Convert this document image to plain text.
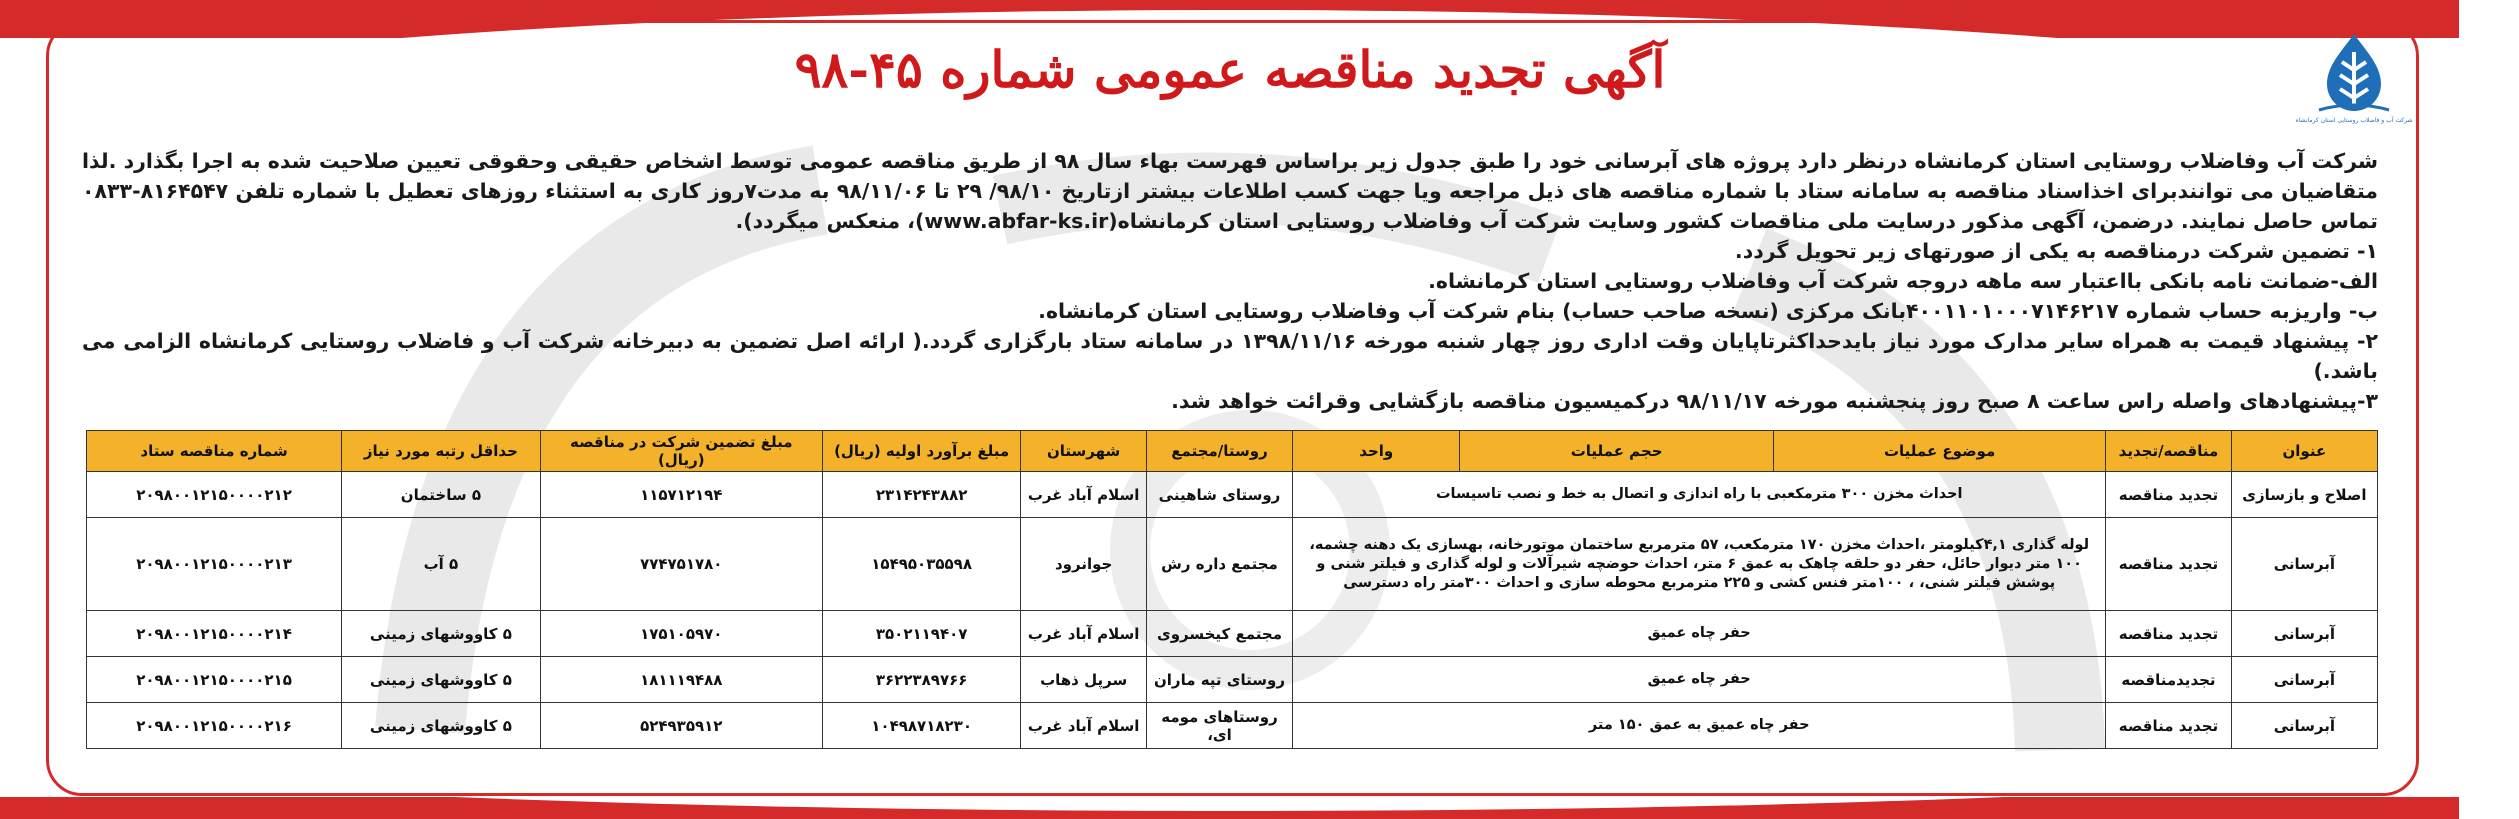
شرکت آب و فاضلاب روستایی استان کرمانشاه
آگهی تجدید مناقصه عمومی شماره ۴۵-۹۸

شرکت آب وفاضلاب روستایی استان کرمانشاه درنظر دارد پروژه های آبرسانی خود را طبق جدول زیر براساس فهرست بهاء سال ۹۸ از طریق مناقصه عمومی توسط اشخاص حقیقی وحقوقی تعیین صلاحیت شده به اجرا بگذارد .لذا متقاضیان می توانندبرای اخذاسناد مناقصه به سامانه ستاد با شماره مناقصه های ذیل مراجعه ویا جهت کسب اطلاعات بیشتر ازتاریخ ۹۸/۱۰/ ۲۹ تا ۹۸/۱۱/۰۶ به مدت۷روز کاری به استثناء روزهای تعطیل با شماره تلفن ۸۱۶۴۵۴۷-۰۸۳۳ تماس حاصل نمایند. درضمن، آگهی مذکور درسایت ملی مناقصات کشور وسایت شرکت آب وفاضلاب روستایی استان کرمانشاه(www.abfar-ks.ir)، منعکس میگردد).

۱- تضمین شرکت درمناقصه به یکی از صورتهای زیر تحویل گردد.

الف-ضمانت نامه بانکی بااعتبار سه ماهه دروجه شرکت آب وفاضلاب روستایی استان کرمانشاه.

ب- واریزبه حساب شماره ۴۰۰۱۱۰۱۰۰۰۷۱۴۶۲۱۷بانک مرکزی (نسخه صاحب حساب) بنام شرکت آب وفاضلاب روستایی استان کرمانشاه.

۲- پیشنهاد قیمت به همراه سایر مدارک مورد نیاز بایدحداکثرتاپایان وقت اداری روز چهار شنبه مورخه ۱۳۹۸/۱۱/۱۶ در سامانه ستاد بارگزاری گردد.( ارائه اصل تضمین به دبیرخانه شرکت آب و فاضلاب روستایی کرمانشاه الزامی می باشد.)

۳-پیشنهادهای واصله راس ساعت ۸ صبح روز پنجشنبه مورخه ۹۸/۱۱/۱۷ درکمیسیون مناقصه بازگشایی وقرائت خواهد شد.

عنوان	مناقصه/تجدید	موضوع عملیات	حجم عملیات	واحد	روستا/مجتمع	شهرستان	مبلغ برآورد اولیه (ریال)	مبلغ تضمین شرکت در مناقصه (ریال)	حداقل رتبه مورد نیاز	شماره مناقصه ستاد
اصلاح و بازسازی	تجدید مناقصه	احداث مخزن ۳۰۰ مترمکعبی با راه اندازی و اتصال به خط و نصب تاسیسات			روستای شاهینی	اسلام آباد غرب	۲۳۱۴۲۴۳۸۸۲	۱۱۵۷۱۲۱۹۴	۵ ساختمان	۲۰۹۸۰۰۱۲۱۵۰۰۰۰۲۱۲
آبرسانی	تجدید مناقصه	لوله گذاری ۴,۱کیلومتر ،احداث مخزن ۱۷۰ مترمکعب، ۵۷ مترمربع ساختمان موتورخانه، بهسازی یک دهنه چشمه، ۱۰۰ متر دیوار حائل، حفر دو حلقه چاهک به عمق ۶ متر، احداث حوضچه شیرآلات و لوله گذاری و فیلتر شنی و پوشش فیلتر شنی، ، ۱۰۰متر فنس کشی و ۲۲۵ مترمربع محوطه سازی و احداث ۳۰۰متر راه دسترسی			مجتمع داره رش	جوانرود	۱۵۴۹۵۰۳۵۵۹۸	۷۷۴۷۵۱۷۸۰	۵ آب	۲۰۹۸۰۰۱۲۱۵۰۰۰۰۲۱۳
آبرسانی	تجدید مناقصه	حفر چاه عمیق			مجتمع کیخسروی	اسلام آباد غرب	۳۵۰۲۱۱۹۴۰۷	۱۷۵۱۰۵۹۷۰	۵ کاووشهای زمینی	۲۰۹۸۰۰۱۲۱۵۰۰۰۰۲۱۴
آبرسانی	تجدیدمناقصه	حفر چاه عمیق			روستای تپه ماران	سرپل ذهاب	۳۶۲۲۳۸۹۷۶۶	۱۸۱۱۱۹۴۸۸	۵ کاووشهای زمینی	۲۰۹۸۰۰۱۲۱۵۰۰۰۰۲۱۵
آبرسانی	تجدید مناقصه	حفر چاه عمیق به عمق ۱۵۰ متر			روستاهای مومه ای،	اسلام آباد غرب	۱۰۴۹۸۷۱۸۲۳۰	۵۲۴۹۳۵۹۱۲	۵ کاووشهای زمینی	۲۰۹۸۰۰۱۲۱۵۰۰۰۰۲۱۶
